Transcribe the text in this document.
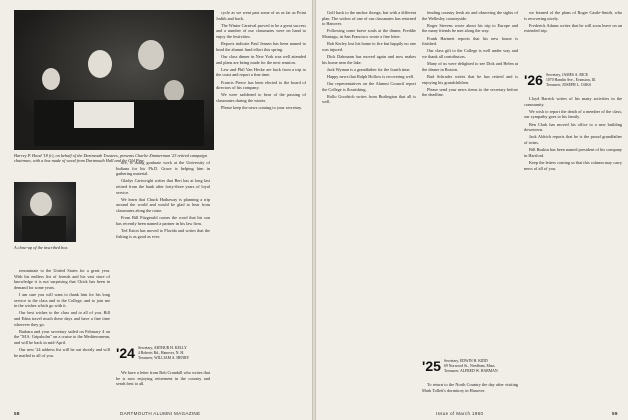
Harvey P. Hood '18 (r), on behalf of the Dartmouth Trustees, presents Charlie Zimmerman '23 retired campaign chairman, with a box made of wood from Dartmouth Hall and the Old Pine.
A close-up of the inscribed box.

renominate to the United States for a great year. With his endless list of friends and his vast store of knowledge it is not surprising that Chick has been in demand for some years.

I am sure you will want to thank him for his long service to the class and to the College, and to join me in the wishes which go with it.

Our best wishes to the class and to all of you. Bill and Edna travel much these days and have a fine time wherever they go.

Barbara and your secretary sailed on February 4 on the "M.S. Gripsholm" on a cruise to the Mediterranean, and will be back in mid-April.

Our new '24 address list will be out shortly and will be mailed to all of you.

tire, is doing graduate work at the University of Indiana for his Ph.D. Grace is helping him in gathering material.

Gladys Cartwright writes that Bert has at long last retired from the bank after forty-three years of loyal service.

We learn that Chuck Hathaway is planning a trip around the world and would be glad to hear from classmates along the route.

From Bill Fitzgerald comes the word that his son has recently been named a partner in his law firm.

Ted Eaton has moved to Florida and writes that the fishing is as good as ever.

'24 Secretary, ARTHUR H. KELLY
4 Roberts Rd., Hanover, N. H.
Treasurer, WILLIAM A. HENRY

We have a letter from Bob Crandall who writes that he is now enjoying retirement in the country and sends best to all.

cycle as we went past some of us as far as Point Judith and back.

The Winter Carnival proved to be a great success and a number of our classmates were on hand to enjoy the festivities.

Reports indicate Paul Jensen has been named to head the alumni fund effort this spring.

Our class dinner in New York was well attended and plans are being made for the next reunion.

Lew and Phil Van Hecke are back from a trip to the coast and report a fine time.

Francis Pierce has been elected to the board of directors of his company.

We were saddened to hear of the passing of classmates during the winter.

Please keep the news coming to your secretary.

58	DARTMOUTH ALUMNI MAGAZINE

Golf back to the anchor thongs; but with a different plan. The widow of one of our classmates has returned to Hanover.

Following some brave souls at the dinner, Freddie Montagu, in San Francisco wrote a fine letter.

Bob Kerley lost his home to fire but happily no one was injured.

Dick Dahmann has moved again and now makes his home near the lake.

Jack Wyman is a grandfather for the fourth time.

Happy news that Ralph Hollow is recovering well.

Our representatives on the Alumni Council report the College is flourishing.

Rollo Goodrich writes from Burlington that all is well.

fending country fresh air and observing the sights of the Wellesley countryside.

Roger Stevens wrote about his trip to Europe and the many friends he met along the way.

Frank Hartnett reports that his new house is finished.

Our class gift to the College is well under way and we thank all contributors.

Many of us were delighted to see Dick and Helen at the dinner in Boston.

Bud Schrader writes that he has retired and is enjoying his grandchildren.

Please send your news items to the secretary before the deadline.

'25 Secretary, EDWIN H. KIDD
69 Norwood St., Needham, Mass.
Treasurer, ALFRED W. HARMAN

To return to the North Country the day after visiting Mark Tollett's dormitory in Hanover.

we learned of the plans of Roger Castle-Smith, who is recovering nicely.

Frederick Adams writes that he will soon leave on an extended trip.

'26 Secretary, JAMES A. RICE
1070 Hamlin Ave., Evanston, Ill.
Treasurer, JOSEPH L. OAKS

Lloyd Barrick writes of his many activities in the community.

We wish to report the death of a member of the class; our sympathy goes to his family.

Ben Clark has moved his office to a new building downtown.

Jack Aldrich reports that he is the proud grandfather of twins.

Bill Ruskin has been named president of his company in Hartford.

Keep the letters coming so that this column may carry news of all of you.

Issue of March 1960	59
